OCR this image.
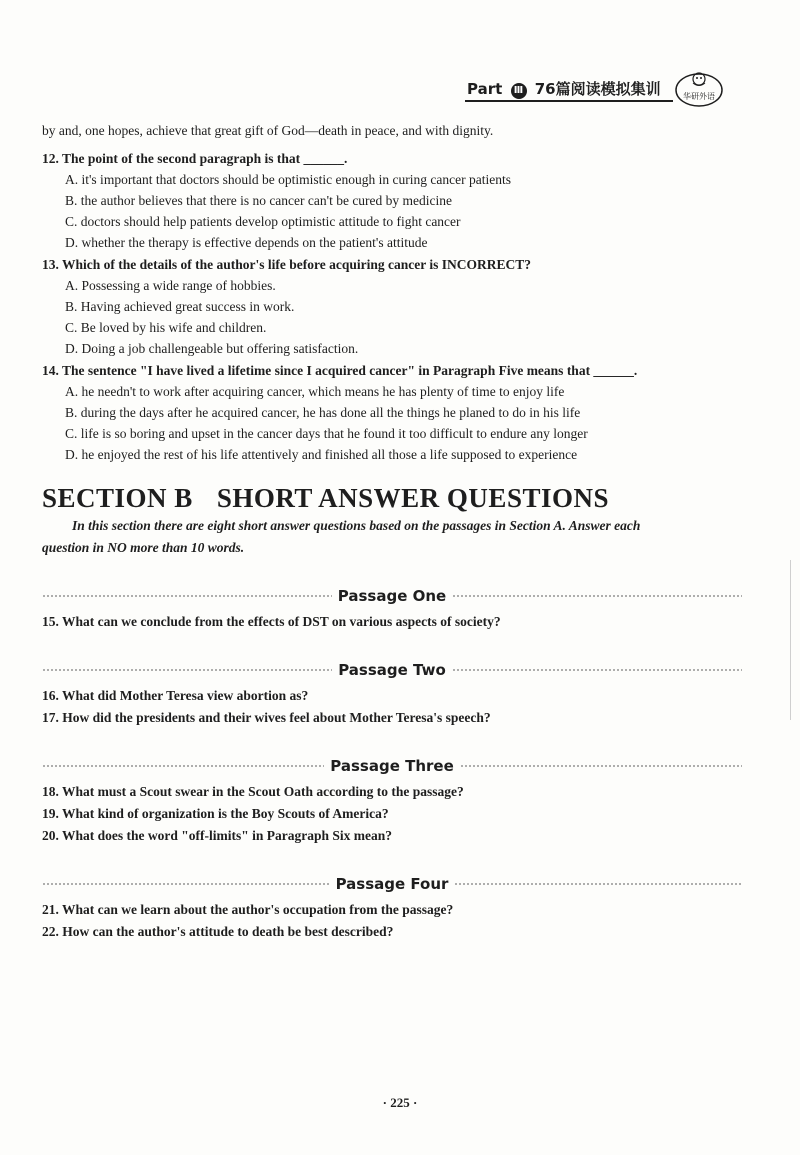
Part Ⅲ 76篇阅读模拟集训	华研外语
by and, one hopes, achieve that great gift of God—death in peace, and with dignity.
12. The point of the second paragraph is that ______.
A. it's important that doctors should be optimistic enough in curing cancer patients
B. the author believes that there is no cancer can't be cured by medicine
C. doctors should help patients develop optimistic attitude to fight cancer
D. whether the therapy is effective depends on the patient's attitude
13. Which of the details of the author's life before acquiring cancer is INCORRECT?
A. Possessing a wide range of hobbies.
B. Having achieved great success in work.
C. Be loved by his wife and children.
D. Doing a job challengeable but offering satisfaction.
14. The sentence "I have lived a lifetime since I acquired cancer" in Paragraph Five means that ______.
A. he needn't to work after acquiring cancer, which means he has plenty of time to enjoy life
B. during the days after he acquired cancer, he has done all the things he planed to do in his life
C. life is so boring and upset in the cancer days that he found it too difficult to endure any longer
D. he enjoyed the rest of his life attentively and finished all those a life supposed to experience
SECTION B SHORT ANSWER QUESTIONS
In this section there are eight short answer questions based on the passages in Section A. Answer each
question in NO more than 10 words.
Passage One
15. What can we conclude from the effects of DST on various aspects of society?
Passage Two
16. What did Mother Teresa view abortion as?
17. How did the presidents and their wives feel about Mother Teresa's speech?
Passage Three
18. What must a Scout swear in the Scout Oath according to the passage?
19. What kind of organization is the Boy Scouts of America?
20. What does the word "off-limits" in Paragraph Six mean?
Passage Four
21. What can we learn about the author's occupation from the passage?
22. How can the author's attitude to death be best described?
· 225 ·
